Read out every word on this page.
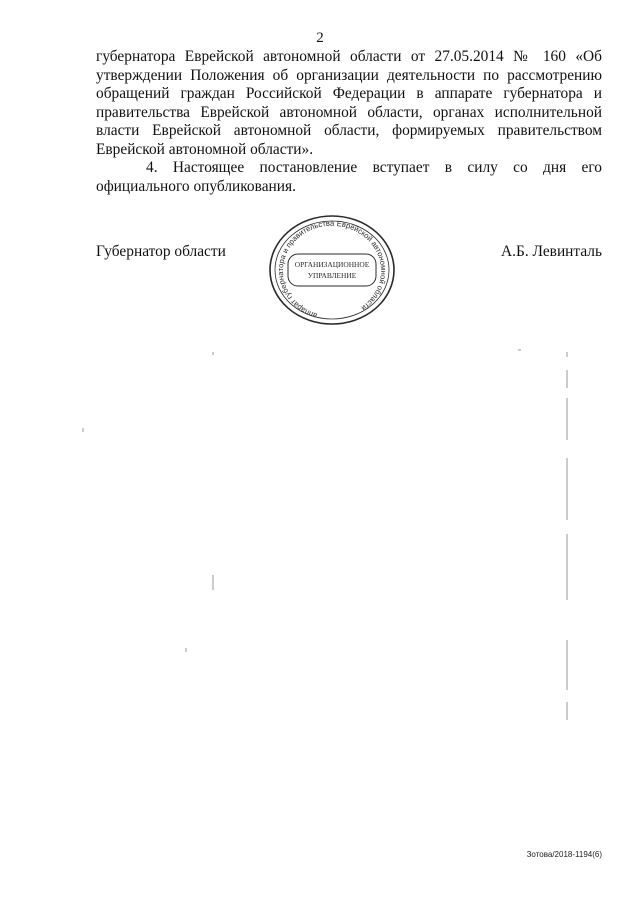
2

губернатора Еврейской автономной области от 27.05.2014 № 160 «Об утверждении Положения об организации деятельности по рассмотрению обращений граждан Российской Федерации в аппарате губернатора и правительства Еврейской автономной области, органах исполнительной власти Еврейской автономной области, формируемых правительством Еврейской автономной области».

4. Настоящее постановление вступает в силу со дня его официального опубликования.

Губернатор области	А.Б. Левинталь
аппарат губернатора и правительства Еврейской автономной области
ОРГАНИЗАЦИОННОЕ
УПРАВЛЕНИЕ
Зотова/2018-1194(6)
